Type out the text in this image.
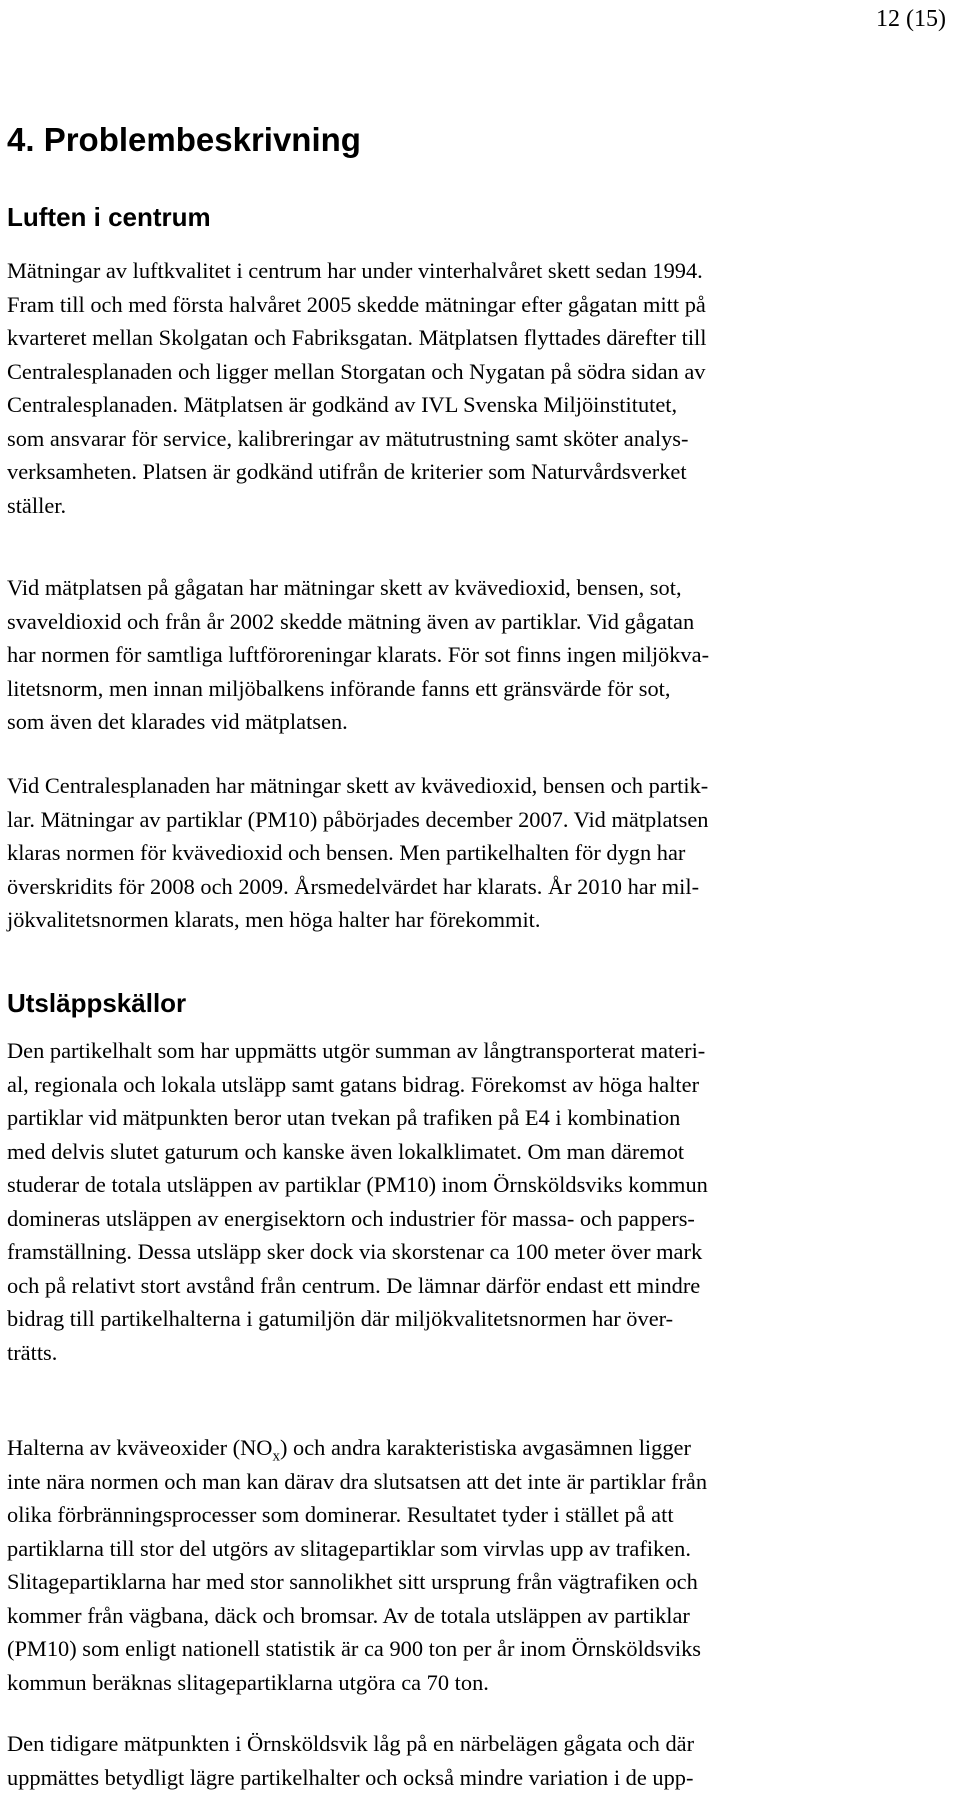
12 (15)

4. Problembeskrivning
Luften i centrum

Mätningar av luftkvalitet i centrum har under vinterhalvåret skett sedan 1994.
Fram till och med första halvåret 2005 skedde mätningar efter gågatan mitt på
kvarteret mellan Skolgatan och Fabriksgatan. Mätplatsen flyttades därefter till
Centralesplanaden och ligger mellan Storgatan och Nygatan på södra sidan av
Centralesplanaden. Mätplatsen är godkänd av IVL Svenska Miljöinstitutet,
som ansvarar för service, kalibreringar av mätutrustning samt sköter analys-
verksamheten. Platsen är godkänd utifrån de kriterier som Naturvårdsverket
ställer.

Vid mätplatsen på gågatan har mätningar skett av kvävedioxid, bensen, sot,
svaveldioxid och från år 2002 skedde mätning även av partiklar. Vid gågatan
har normen för samtliga luftföroreningar klarats. För sot finns ingen miljökva-
litetsnorm, men innan miljöbalkens införande fanns ett gränsvärde för sot,
som även det klarades vid mätplatsen.

Vid Centralesplanaden har mätningar skett av kvävedioxid, bensen och partik-
lar. Mätningar av partiklar (PM10) påbörjades december 2007. Vid mätplatsen
klaras normen för kvävedioxid och bensen. Men partikelhalten för dygn har
överskridits för 2008 och 2009. Årsmedelvärdet har klarats. År 2010 har mil-
jökvalitetsnormen klarats, men höga halter har förekommit.

Utsläppskällor

Den partikelhalt som har uppmätts utgör summan av långtransporterat materi-
al, regionala och lokala utsläpp samt gatans bidrag. Förekomst av höga halter
partiklar vid mätpunkten beror utan tvekan på trafiken på E4 i kombination
med delvis slutet gaturum och kanske även lokalklimatet. Om man däremot
studerar de totala utsläppen av partiklar (PM10) inom Örnsköldsviks kommun
domineras utsläppen av energisektorn och industrier för massa- och pappers-
framställning. Dessa utsläpp sker dock via skorstenar ca 100 meter över mark
och på relativt stort avstånd från centrum. De lämnar därför endast ett mindre
bidrag till partikelhalterna i gatumiljön där miljökvalitetsnormen har över-
trätts.

Halterna av kväveoxider $(NO_x)$ och andra karakteristiska avgasämnen ligger
inte nära normen och man kan därav dra slutsatsen att det inte är partiklar från
olika förbränningsprocesser som dominerar. Resultatet tyder i stället på att
partiklarna till stor del utgörs av slitagepartiklar som virvlas upp av trafiken.
Slitagepartiklarna har med stor sannolikhet sitt ursprung från vägtrafiken och
kommer från vägbana, däck och bromsar. Av de totala utsläppen av partiklar
(PM10) som enligt nationell statistik är ca 900 ton per år inom Örnsköldsviks
kommun beräknas slitagepartiklarna utgöra ca 70 ton.

Den tidigare mätpunkten i Örnsköldsvik låg på en närbelägen gågata och där
uppmättes betydligt lägre partikelhalter och också mindre variation i de upp-
